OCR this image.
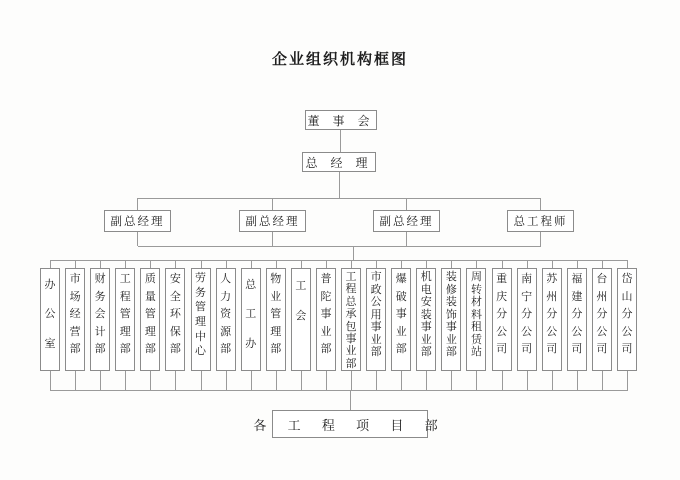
企业组织机构框图
董 事 会
总 经 理
副总经理	副总经理	副总经理	总工程师
办公室
市场经营部
财务会计部
工程管理部
质量管理部
安全环保部
劳务管理中心
人力资源部
总工办
物业管理部
工会
普陀事业部
工程总承包事业部
市政公用事业部
爆破事业部
机电安装事业部
装修装饰事业部
周转材料租赁站
重庆分公司
南宁分公司
苏州分公司
福建分公司
台州分公司
岱山分公司
各 工 程 项 目 部
